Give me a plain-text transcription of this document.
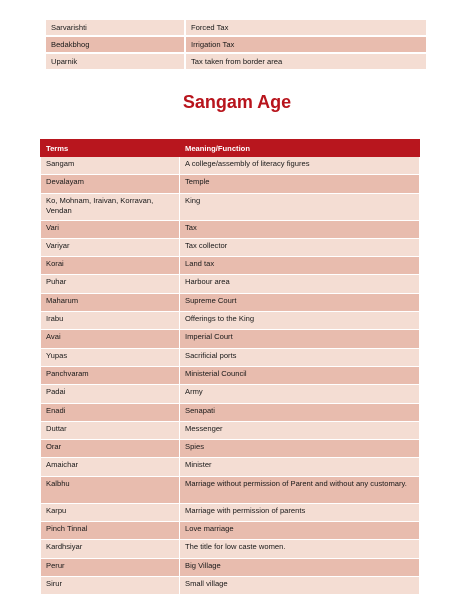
Sarvarishti	Forced Tax
Bedakbhog	Irrigation Tax
Uparnik	Tax taken from border area
Sangam Age
Terms	Meaning/Function
Sangam	A college/assembly of literacy figures
Devalayam	Temple
Ko, Mohnam, Iraivan, Korravan, Vendan	King
Vari	Tax
Variyar	Tax collector
Korai	Land tax
Puhar	Harbour area
Maharum	Supreme Court
Irabu	Offerings to the King
Avai	Imperial Court
Yupas	Sacrificial ports
Panchvaram	Ministerial Council
Padai	Army
Enadi	Senapati
Duttar	Messenger
Orar	Spies
Amaichar	Minister
Kalbhu	Marriage without permission of Parent and without any customary.
Karpu	Marriage with permission of parents
Pinch Tinnal	Love marriage
Kardhsiyar	The title for low caste women.
Perur	Big Village
Sirur	Small village
